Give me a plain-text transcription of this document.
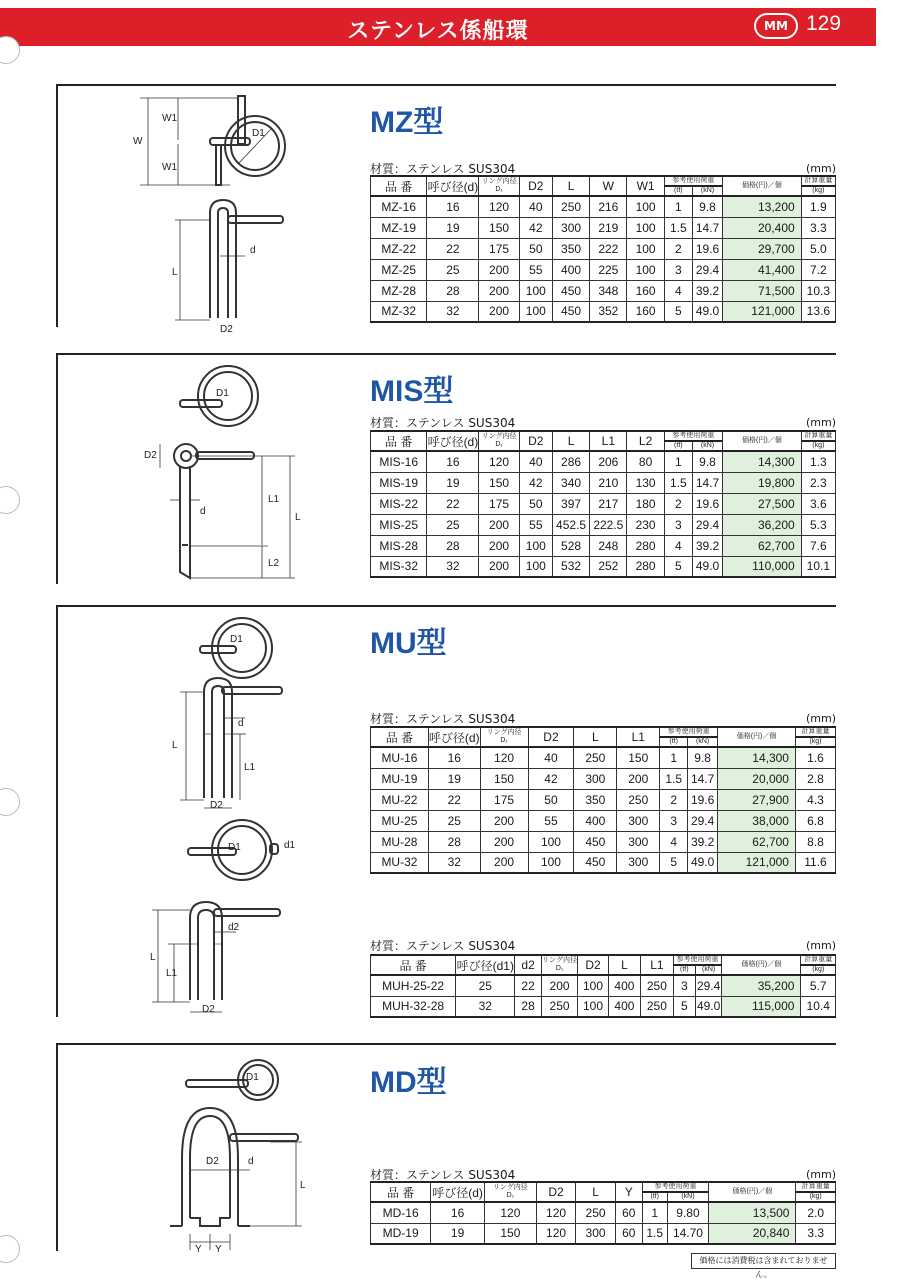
ステンレス係船環	MM 129
MZ型
材質：ステンレス SUS304	(mm)
W
W1
W1
D1
d
L
D2
品 番	呼び径(d)	リング内径
D₁	D2	L	W	W1	参考使用荷重		価格(円)／個	計算重量
							(tf)	(kN)		(kg)
MZ-16	16	120	40	250	216	100	1	9.8	13,200	1.9
MZ-19	19	150	42	300	219	100	1.5	14.7	20,400	3.3
MZ-22	22	175	50	350	222	100	2	19.6	29,700	5.0
MZ-25	25	200	55	400	225	100	3	29.4	41,400	7.2
MZ-28	28	200	100	450	348	160	4	39.2	71,500	10.3
MZ-32	32	200	100	450	352	160	5	49.0	121,000	13.6
MIS型
材質：ステンレス SUS304	(mm)
D1
D2
d
L1
L
L2
品 番	呼び径(d)	リング内径
D₁	D2	L	L1	L2	参考使用荷重		価格(円)／個	計算重量
							(tf)	(kN)		(kg)
MIS-16	16	120	40	286	206	80	1	9.8	14,300	1.3
MIS-19	19	150	42	340	210	130	1.5	14.7	19,800	2.3
MIS-22	22	175	50	397	217	180	2	19.6	27,500	3.6
MIS-25	25	200	55	452.5	222.5	230	3	29.4	36,200	5.3
MIS-28	28	200	100	528	248	280	4	39.2	62,700	7.6
MIS-32	32	200	100	532	252	280	5	49.0	110,000	10.1
MU型
材質：ステンレス SUS304	(mm)
D1
d
L
L1
D2
品 番	呼び径(d)	リング内径
D₁	D2	L	L1	参考使用荷重		価格(円)／個	計算重量
						(tf)	(kN)		(kg)
MU-16	16	120	40	250	150	1	9.8	14,300	1.6
MU-19	19	150	42	300	200	1.5	14.7	20,000	2.8
MU-22	22	175	50	350	250	2	19.6	27,900	4.3
MU-25	25	200	55	400	300	3	29.4	38,000	6.8
MU-28	28	200	100	450	300	4	39.2	62,700	8.8
MU-32	32	200	100	450	300	5	49.0	121,000	11.6
D1	d1
d2
L
L1
D2
材質：ステンレス SUS304	(mm)
品 番	呼び径(d1)	d2	リング内径
D₁	D2	L	L1	参考使用荷重		価格(円)／個	計算重量
							(tf)	(kN)		(kg)
MUH-25-22	25	22	200	100	400	250	3	29.4	35,200	5.7
MUH-32-28	32	28	250	100	400	250	5	49.0	115,000	10.4
MD型
材質：ステンレス SUS304	(mm)
D1
D2	d
L
Y Y
品 番	呼び径(d)	リング内径
D₁	D2	L	Y	参考使用荷重		価格(円)／個	計算重量
						(tf)	(kN)		(kg)
MD-16	16	120	120	250	60	1	9.80	13,500	2.0
MD-19	19	150	120	300	60	1.5	14.70	20,840	3.3
価格には消費税は含まれておりません。
